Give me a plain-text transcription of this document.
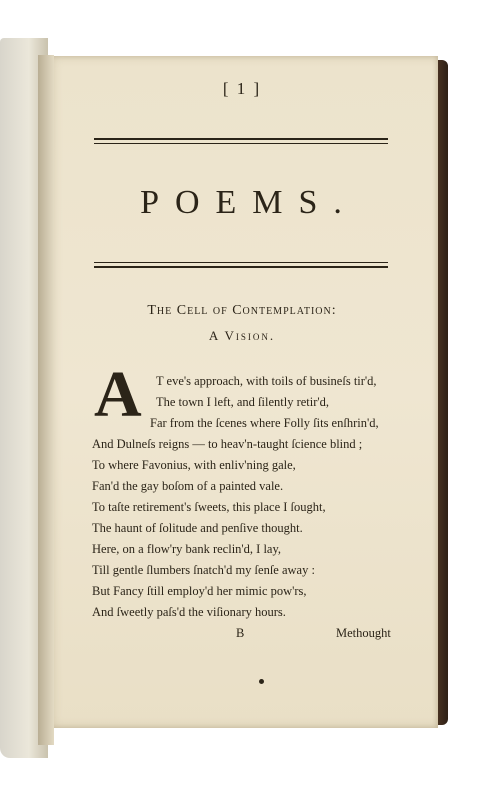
[ 1 ]
POEMS.
The Cell of Contemplation:
A Vision.
A T eve's approach, with toils of busineſs tir'd,
The town I left, and ſilently retir'd,
Far from the ſcenes where Folly ſits enſhrin'd,
And Dulneſs reigns — to heav'n-taught ſcience blind ;
To where Favonius, with enliv'ning gale,
Fan'd the gay boſom of a painted vale.
To taſte retirement's ſweets, this place I ſought,
The haunt of ſolitude and penſive thought.
Here, on a flow'ry bank reclin'd, I lay,
Till gentle ſlumbers ſnatch'd my ſenſe away :
But Fancy ſtill employ'd her mimic pow'rs,
And ſweetly paſs'd the viſionary hours.
B	Methought
